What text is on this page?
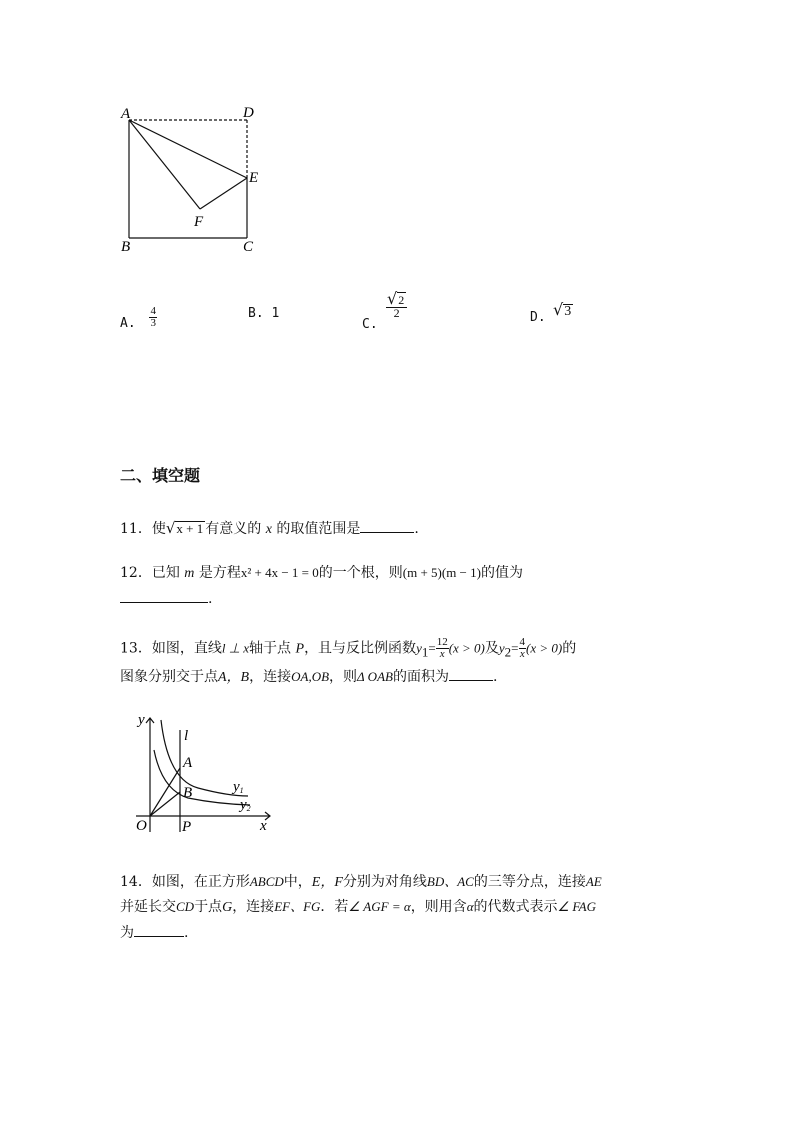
A	D
E
F
B	C
A. $\frac{4}{3}$	B. 1
C.
$\frac{√2}{2}$	D. √3
二、填空题
11．使√x + 1 有意义的 x 的取值范围是	.
12．已知 m 是方程x² + 4x − 1 = 0的一个根，则(m + 5)(m − 1)的值为
.
13．如图，直线l ⊥ x轴于点 P，且与反比例函数$y_1= \frac{12}{x} (x > 0)$及$y_2= \frac{4}{x} (x > 0)$的
图象分别交于点A，B，连接OA,OB，则Δ OAB的面积为	.
y
l
A
B	y1
y2
O P	x
14．如图，在正方形ABCD中，E，F分别为对角线BD、AC的三等分点，连接AE
并延长交CD于点G，连接EF、FG．若∠ AGF = α，则用含α的代数式表示∠ FAG
为	.
